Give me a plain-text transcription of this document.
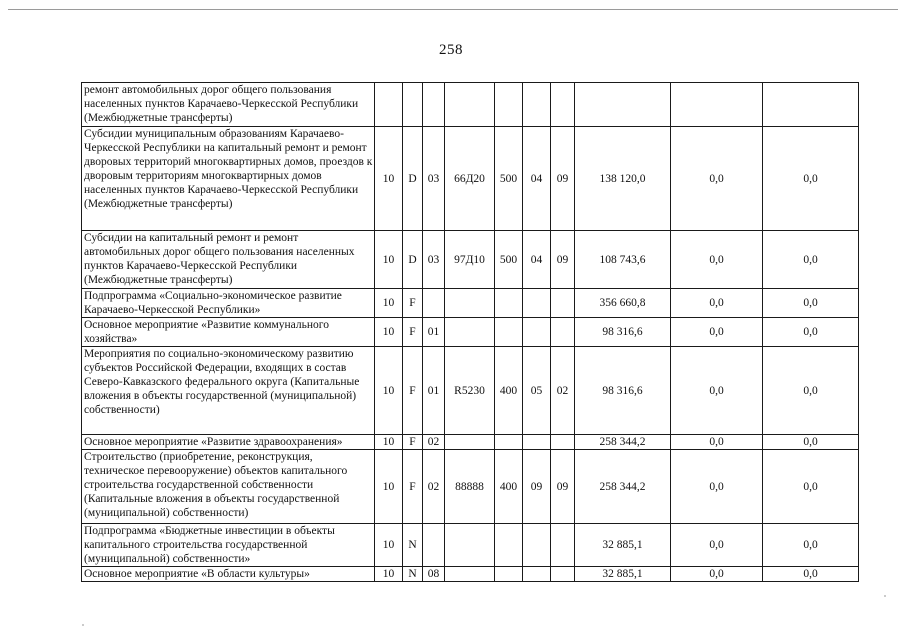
258
ремонт автомобильных дорог общего пользования населенных пунктов Карачаево-Черкесской Республики (Межбюджетные трансферты)										
Субсидии муниципальным образованиям Карачаево-Черкесской Республики на капитальный ремонт и ремонт дворовых территорий многоквартирных домов, проездов к дворовым территориям многоквартирных домов населенных пунктов Карачаево-Черкесской Республики (Межбюджетные трансферты)	10	D	03	66Д20	500	04	09	138 120,0	0,0	0,0
Субсидии на капитальный ремонт и ремонт автомобильных дорог общего пользования населенных пунктов Карачаево-Черкесской Республики (Межбюджетные трансферты)	10	D	03	97Д10	500	04	09	108 743,6	0,0	0,0
Подпрограмма «Социально-экономическое развитие Карачаево-Черкесской Республики»	10	F						356 660,8	0,0	0,0
Основное мероприятие «Развитие коммунального хозяйства»	10	F	01					98 316,6	0,0	0,0
Мероприятия по социально-экономическому развитию субъектов Российской Федерации, входящих в состав Северо-Кавказского федерального округа (Капитальные вложения в объекты государственной (муниципальной) собственности)	10	F	01	R5230	400	05	02	98 316,6	0,0	0,0
Основное мероприятие «Развитие здравоохранения»	10	F	02					258 344,2	0,0	0,0
Строительство (приобретение, реконструкция, техническое перевооружение) объектов капитального строительства государственной собственности (Капитальные вложения в объекты государственной (муниципальной) собственности)	10	F	02	88888	400	09	09	258 344,2	0,0	0,0
Подпрограмма «Бюджетные инвестиции в объекты капитального строительства государственной (муниципальной) собственности»	10	N						32 885,1	0,0	0,0
Основное мероприятие «В области культуры»	10	N	08					32 885,1	0,0	0,0
